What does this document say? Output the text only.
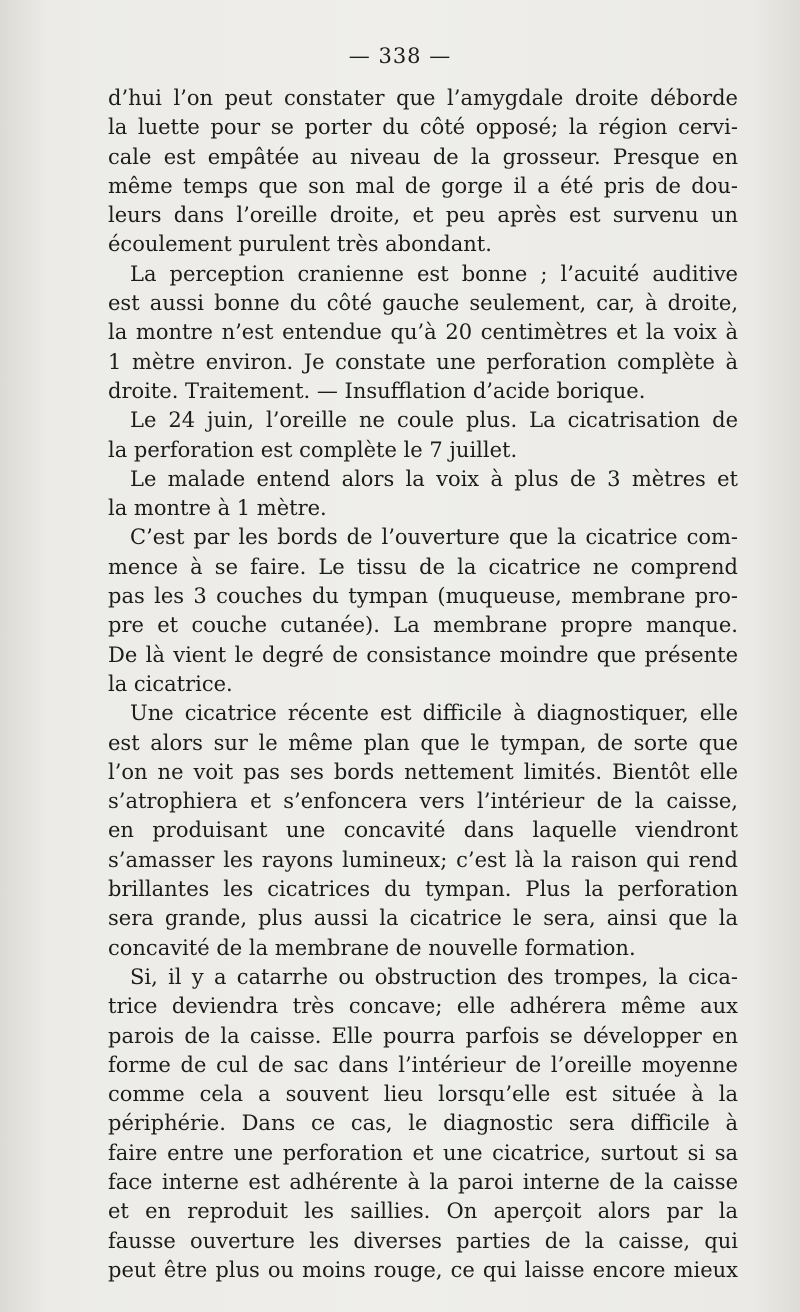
— 338 —

d’hui l’on peut constater que l’amygdale droite déborde
la luette pour se porter du côté opposé; la région cervi-
cale est empâtée au niveau de la grosseur. Presque en
même temps que son mal de gorge il a été pris de dou-
leurs dans l’oreille droite, et peu après est survenu un
écoulement purulent très abondant.

La perception cranienne est bonne ; l’acuité auditive
est aussi bonne du côté gauche seulement, car, à droite,
la montre n’est entendue qu’à 20 centimètres et la voix à
1 mètre environ. Je constate une perforation complète à
droite. Traitement. — Insufflation d’acide borique.

Le 24 juin, l’oreille ne coule plus. La cicatrisation de
la perforation est complète le 7 juillet.

Le malade entend alors la voix à plus de 3 mètres et
la montre à 1 mètre.

C’est par les bords de l’ouverture que la cicatrice com-
mence à se faire. Le tissu de la cicatrice ne comprend
pas les 3 couches du tympan (muqueuse, membrane pro-
pre et couche cutanée). La membrane propre manque.
De là vient le degré de consistance moindre que présente
la cicatrice.

Une cicatrice récente est difficile à diagnostiquer, elle
est alors sur le même plan que le tympan, de sorte que
l’on ne voit pas ses bords nettement limités. Bientôt elle
s’atrophiera et s’enfoncera vers l’intérieur de la caisse,
en produisant une concavité dans laquelle viendront
s’amasser les rayons lumineux; c’est là la raison qui rend
brillantes les cicatrices du tympan. Plus la perforation
sera grande, plus aussi la cicatrice le sera, ainsi que la
concavité de la membrane de nouvelle formation.

Si, il y a catarrhe ou obstruction des trompes, la cica-
trice deviendra très concave; elle adhérera même aux
parois de la caisse. Elle pourra parfois se développer en
forme de cul de sac dans l’intérieur de l’oreille moyenne
comme cela a souvent lieu lorsqu’elle est située à la
périphérie. Dans ce cas, le diagnostic sera difficile à
faire entre une perforation et une cicatrice, surtout si sa
face interne est adhérente à la paroi interne de la caisse
et en reproduit les saillies. On aperçoit alors par la
fausse ouverture les diverses parties de la caisse, qui
peut être plus ou moins rouge, ce qui laisse encore mieux
